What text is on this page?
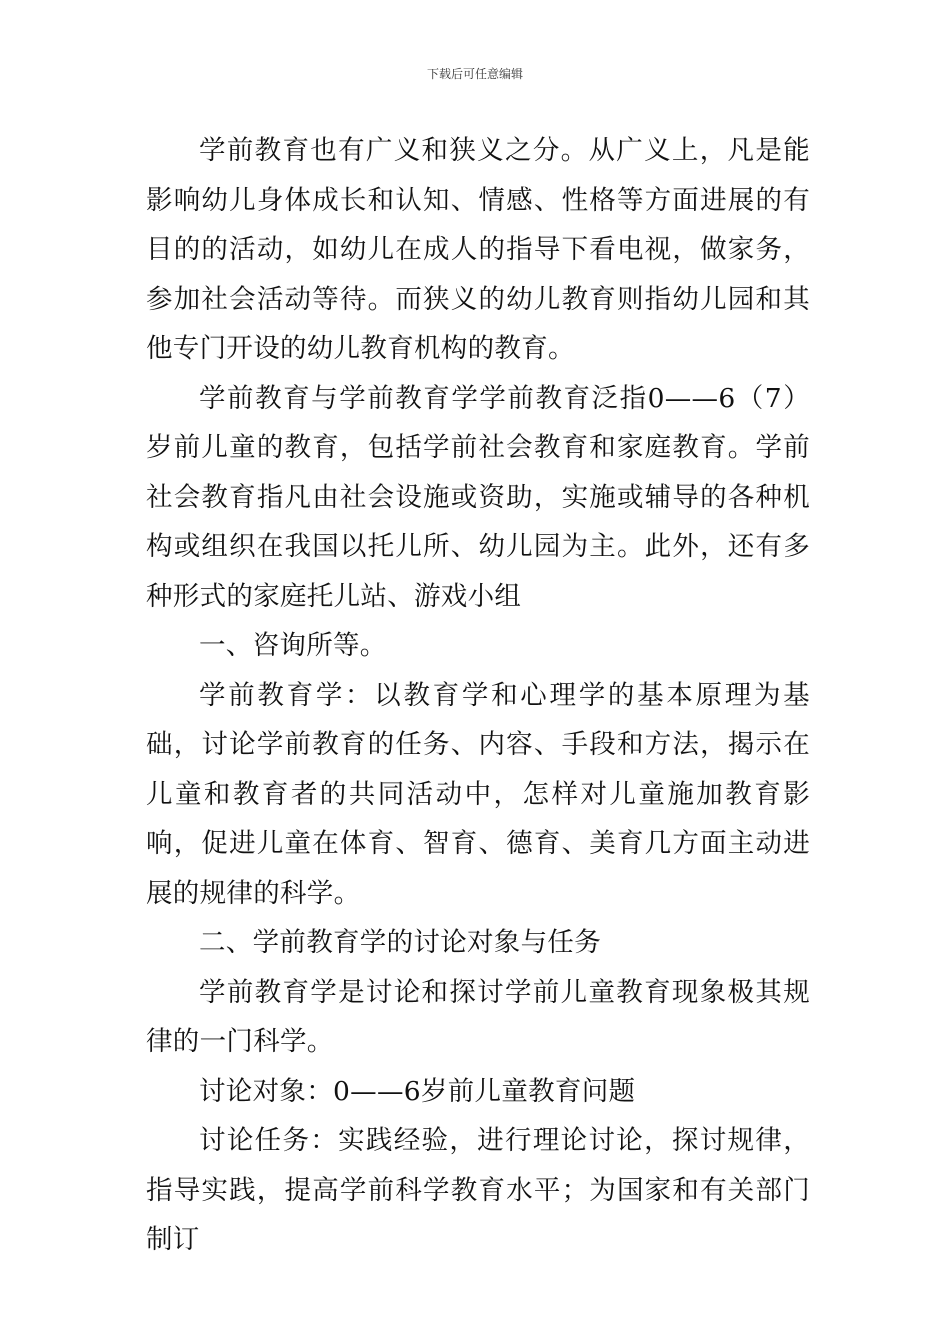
下载后可任意编辑

学前教育也有广义和狭义之分。从广义上，凡是能影响幼儿身体成长和认知、情感、性格等方面进展的有目的的活动，如幼儿在成人的指导下看电视，做家务，参加社会活动等待。而狭义的幼儿教育则指幼儿园和其他专门开设的幼儿教育机构的教育。

学前教育与学前教育学学前教育泛指0——6（7）岁前儿童的教育，包括学前社会教育和家庭教育。学前社会教育指凡由社会设施或资助，实施或辅导的各种机构或组织在我国以托儿所、幼儿园为主。此外，还有多种形式的家庭托儿站、游戏小组

一、咨询所等。

学前教育学：以教育学和心理学的基本原理为基础，讨论学前教育的任务、内容、手段和方法，揭示在儿童和教育者的共同活动中，怎样对儿童施加教育影响，促进儿童在体育、智育、德育、美育几方面主动进展的规律的科学。

二、学前教育学的讨论对象与任务

学前教育学是讨论和探讨学前儿童教育现象极其规律的一门科学。

讨论对象：0——6岁前儿童教育问题

讨论任务：实践经验，进行理论讨论，探讨规律，指导实践，提高学前科学教育水平；为国家和有关部门制订
